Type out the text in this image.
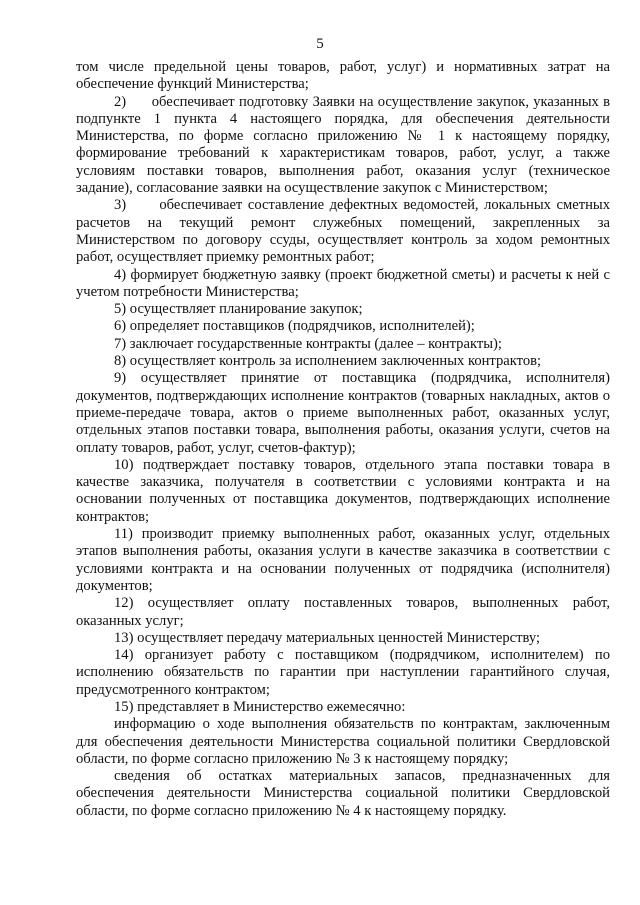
5

том числе предельной цены товаров, работ, услуг) и нормативных затрат на обеспечение функций Министерства;

2)      обеспечивает подготовку Заявки на осуществление закупок, указанных в подпункте 1 пункта 4 настоящего порядка, для обеспечения деятельности Министерства, по форме согласно приложению № 1 к настоящему порядку, формирование требований к характеристикам товаров, работ, услуг, а также условиям поставки товаров, выполнения работ, оказания услуг (техническое задание), согласование заявки на осуществление закупок с Министерством;

3)      обеспечивает составление дефектных ведомостей, локальных сметных расчетов на текущий ремонт служебных помещений, закрепленных за Министерством по договору ссуды, осуществляет контроль за ходом ремонтных работ, осуществляет приемку ремонтных работ;

4) формирует бюджетную заявку (проект бюджетной сметы) и расчеты к ней с учетом потребности Министерства;

5) осуществляет планирование закупок;

6) определяет поставщиков (подрядчиков, исполнителей);

7) заключает государственные контракты (далее – контракты);

8) осуществляет контроль за исполнением заключенных контрактов;

9) осуществляет принятие от поставщика (подрядчика, исполнителя) документов, подтверждающих исполнение контрактов (товарных накладных, актов о приеме-передаче товара, актов о приеме выполненных работ, оказанных услуг, отдельных этапов поставки товара, выполнения работы, оказания услуги, счетов на оплату товаров, работ, услуг, счетов-фактур);

10) подтверждает поставку товаров, отдельного этапа поставки товара в качестве заказчика, получателя в соответствии с условиями контракта и на основании полученных от поставщика документов, подтверждающих исполнение контрактов;

11) производит приемку выполненных работ, оказанных услуг, отдельных этапов выполнения работы, оказания услуги в качестве заказчика в соответствии с условиями контракта и на основании полученных от подрядчика (исполнителя) документов;

12) осуществляет оплату поставленных товаров, выполненных работ, оказанных услуг;

13) осуществляет передачу материальных ценностей Министерству;

14) организует работу с поставщиком (подрядчиком, исполнителем) по исполнению обязательств по гарантии при наступлении гарантийного случая, предусмотренного контрактом;

15) представляет в Министерство ежемесячно:

информацию о ходе выполнения обязательств по контрактам, заключенным для обеспечения деятельности Министерства социальной политики Свердловской области, по форме согласно приложению № 3 к настоящему порядку;

сведения об остатках материальных запасов, предназначенных для обеспечения деятельности Министерства социальной политики Свердловской области, по форме согласно приложению № 4 к настоящему порядку.
